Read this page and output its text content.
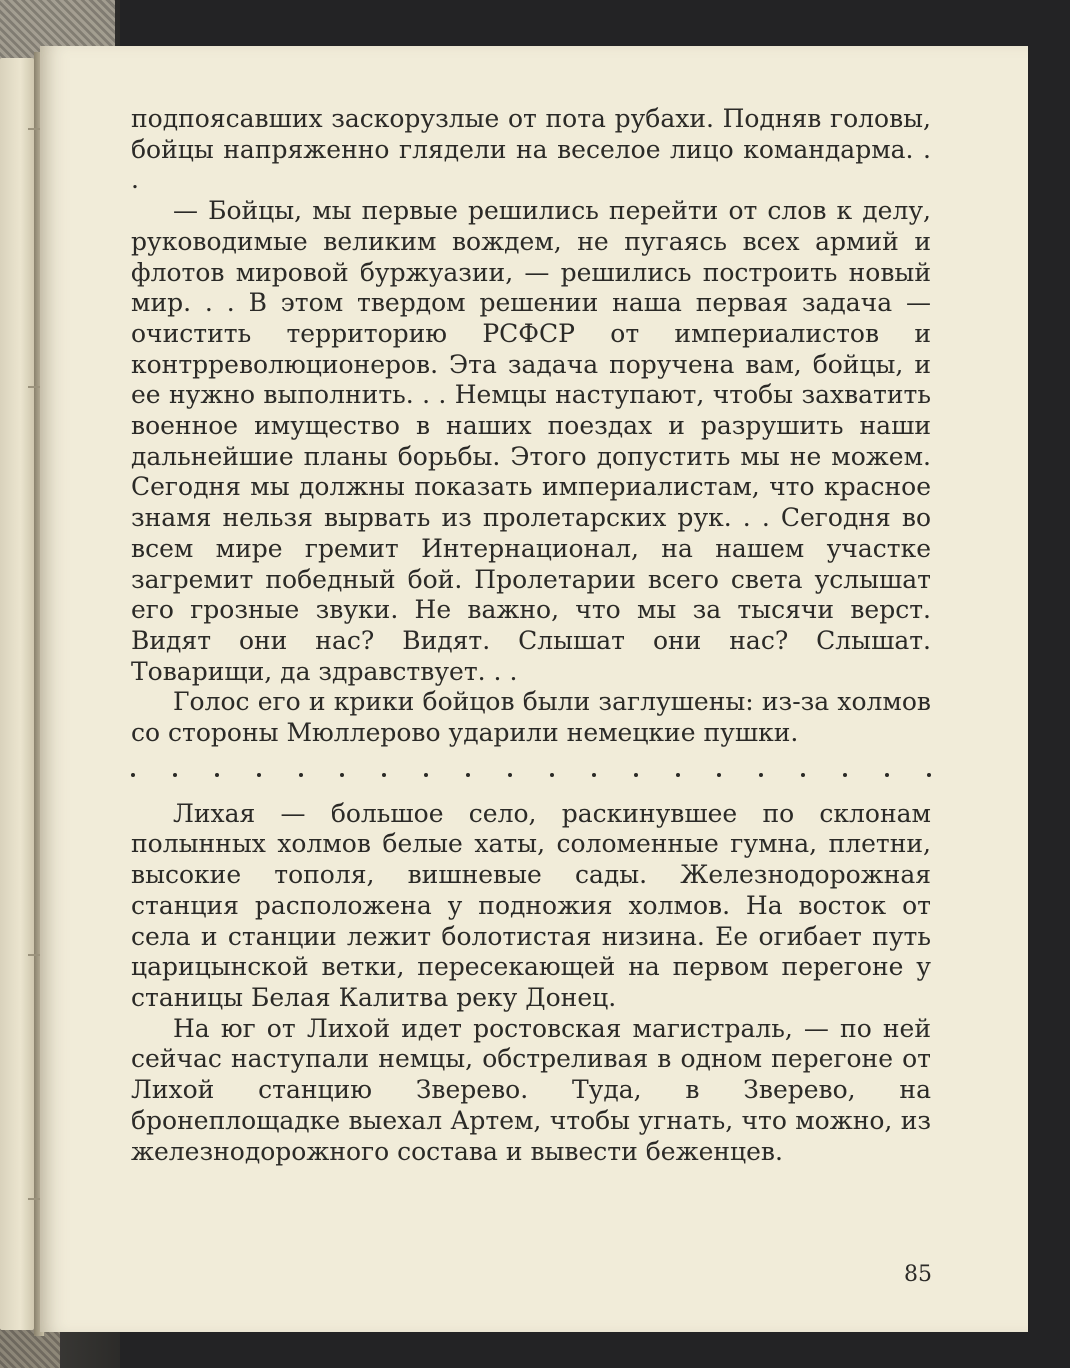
подпоясавших заскорузлые от пота рубахи. Подняв головы, бойцы напряженно глядели на веселое лицо командарма. . .

— Бойцы, мы первые решились перейти от слов к делу, руководимые великим вождем, не пугаясь всех армий и флотов мировой буржуазии, — решились построить новый мир. . . В этом твердом решении наша первая задача — очистить территорию РСФСР от империалистов и контрреволюционеров. Эта задача поручена вам, бойцы, и ее нужно выполнить. . . Немцы наступают, чтобы захватить военное имущество в наших поездах и разрушить наши дальнейшие планы борьбы. Этого допустить мы не можем. Сегодня мы должны показать империалистам, что красное знамя нельзя вырвать из пролетарских рук. . . Сегодня во всем мире гремит Интернационал, на нашем участке загремит победный бой. Пролетарии всего света услышат его грозные звуки. Не важно, что мы за тысячи верст. Видят они нас? Видят. Слышат они нас? Слышат. Товарищи, да здравствует. . .

Голос его и крики бойцов были заглушены: из-за холмов со стороны Мюллерово ударили немецкие пушки.

Лихая — большое село, раскинувшее по склонам полынных холмов белые хаты, соломенные гумна, плетни, высокие тополя, вишневые сады. Железнодорожная станция расположена у подножия холмов. На восток от села и станции лежит болотистая низина. Ее огибает путь царицынской ветки, пересекающей на первом перегоне у станицы Белая Калитва реку Донец.

На юг от Лихой идет ростовская магистраль, — по ней сейчас наступали немцы, обстреливая в одном перегоне от Лихой станцию Зверево. Туда, в Зверево, на бронеплощадке выехал Артем, чтобы угнать, что можно, из железнодорожного состава и вывести беженцев.

85
